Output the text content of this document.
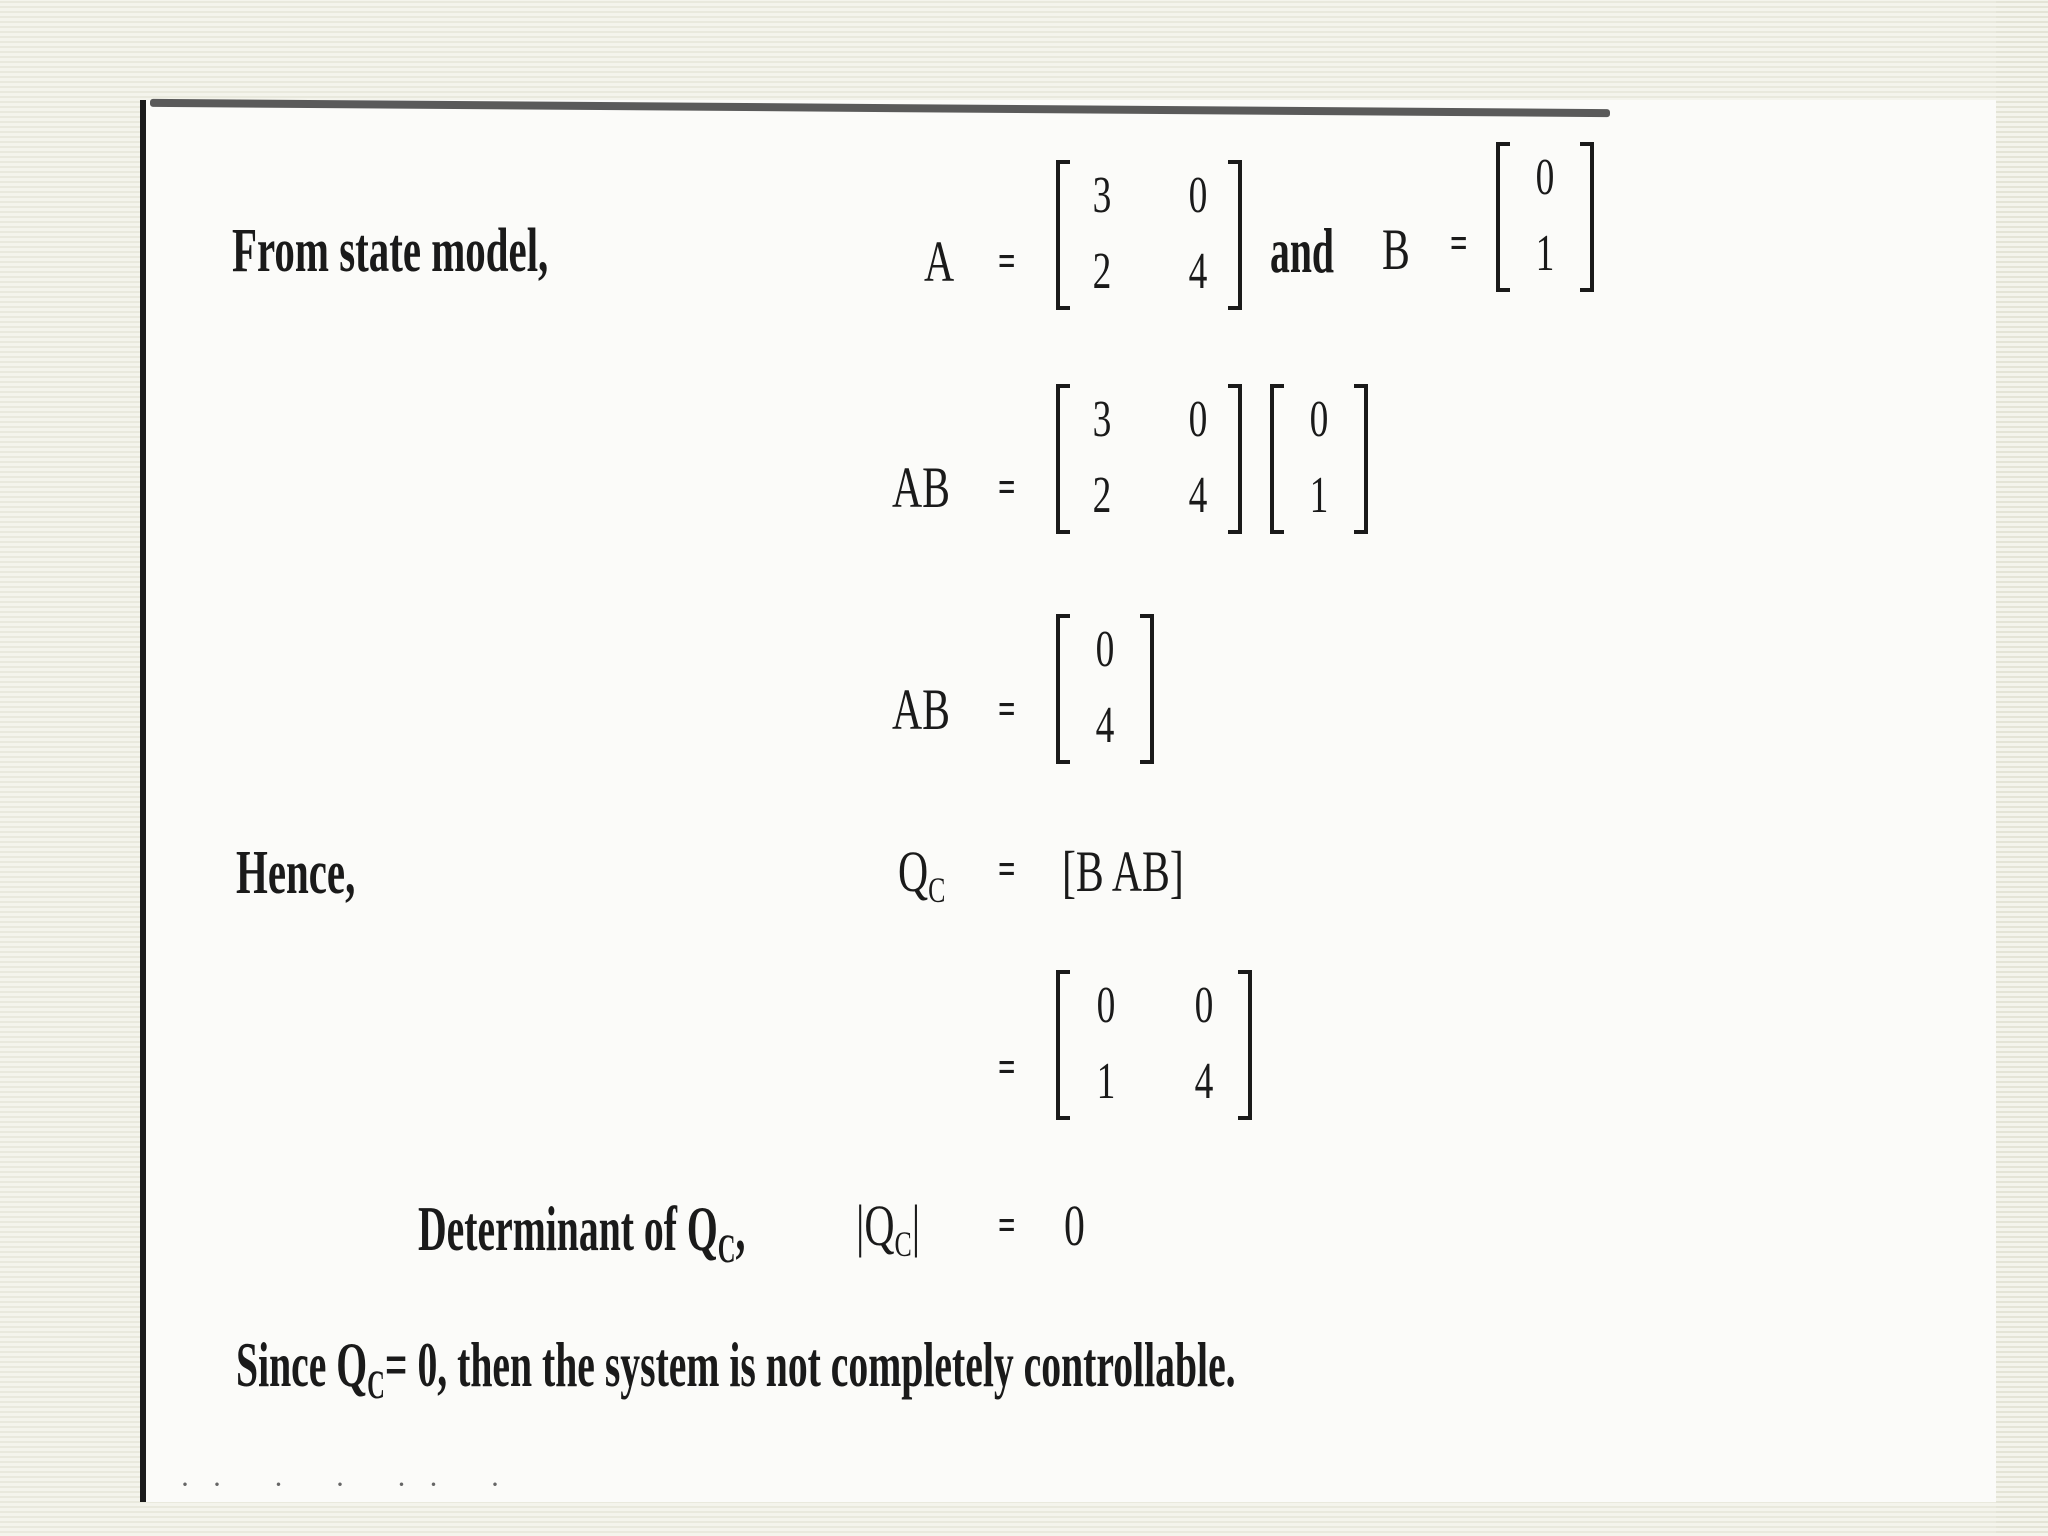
From state model,	A =
3 0
2 4 and B =
0
1
AB =
3 0
2 4
0
1
AB =
0
4
Hence,	$Q_C = [B$ AB]
=
0 0
1 4
Determinant of $Q_C$, $|Q_C| = 0$
Since $Q_C= 0$, then the system is not completely controllable.
·· · · ·· ·
